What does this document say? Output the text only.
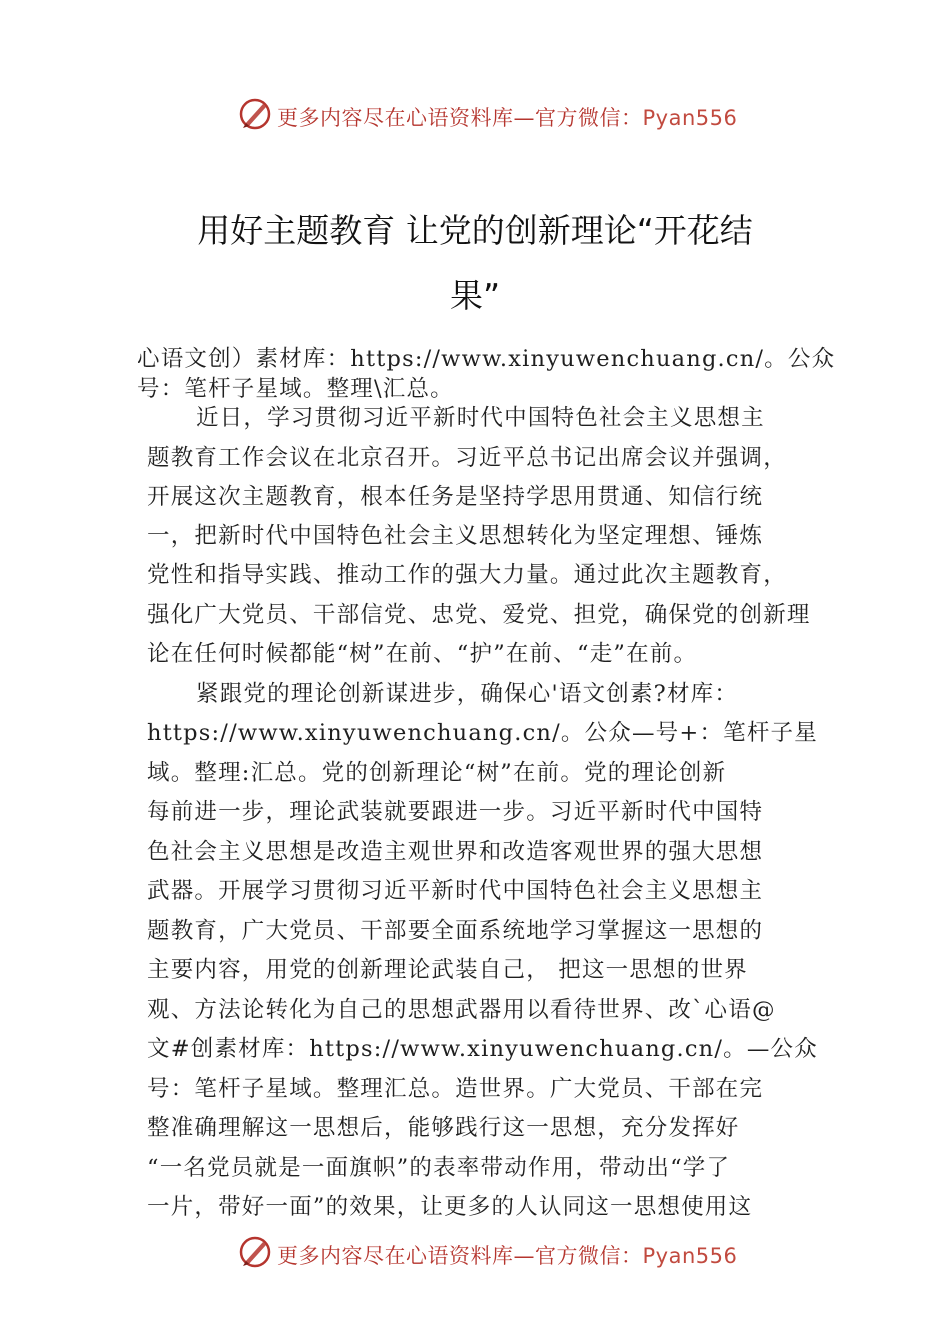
更多内容尽在心语资料库—官方微信：Pyan556
用好主题教育 让党的创新理论“开花结
果”
心语文创）素材库：https://www.xinyuwenchuang.cn/。公众
号：笔杆子星域。整理\汇总。
近日，学习贯彻习近平新时代中国特色社会主义思想主
题教育工作会议在北京召开。习近平总书记出席会议并强调，
开展这次主题教育，根本任务是坚持学思用贯通、知信行统
一，把新时代中国特色社会主义思想转化为坚定理想、锤炼
党性和指导实践、推动工作的强大力量。通过此次主题教育，
强化广大党员、干部信党、忠党、爱党、担党，确保党的创新理
论在任何时候都能“树”在前、“护”在前、“走”在前。
紧跟党的理论创新谋进步，确保心'语文创素?材库：
https://www.xinyuwenchuang.cn/。公众—号+：笔杆子星
域。整理:汇总。党的创新理论“树”在前。党的理论创新
每前进一步，理论武装就要跟进一步。习近平新时代中国特
色社会主义思想是改造主观世界和改造客观世界的强大思想
武器。开展学习贯彻习近平新时代中国特色社会主义思想主
题教育，广大党员、干部要全面系统地学习掌握这一思想的
主要内容，用党的创新理论武装自己， 把这一思想的世界
观、方法论转化为自己的思想武器用以看待世界、改`心语@
文#创素材库：https://www.xinyuwenchuang.cn/。—公众
号：笔杆子星域。整理汇总。造世界。广大党员、干部在完
整准确理解这一思想后，能够践行这一思想，充分发挥好
“一名党员就是一面旗帜”的表率带动作用，带动出“学了
一片，带好一面”的效果，让更多的人认同这一思想使用这
更多内容尽在心语资料库—官方微信：Pyan556
